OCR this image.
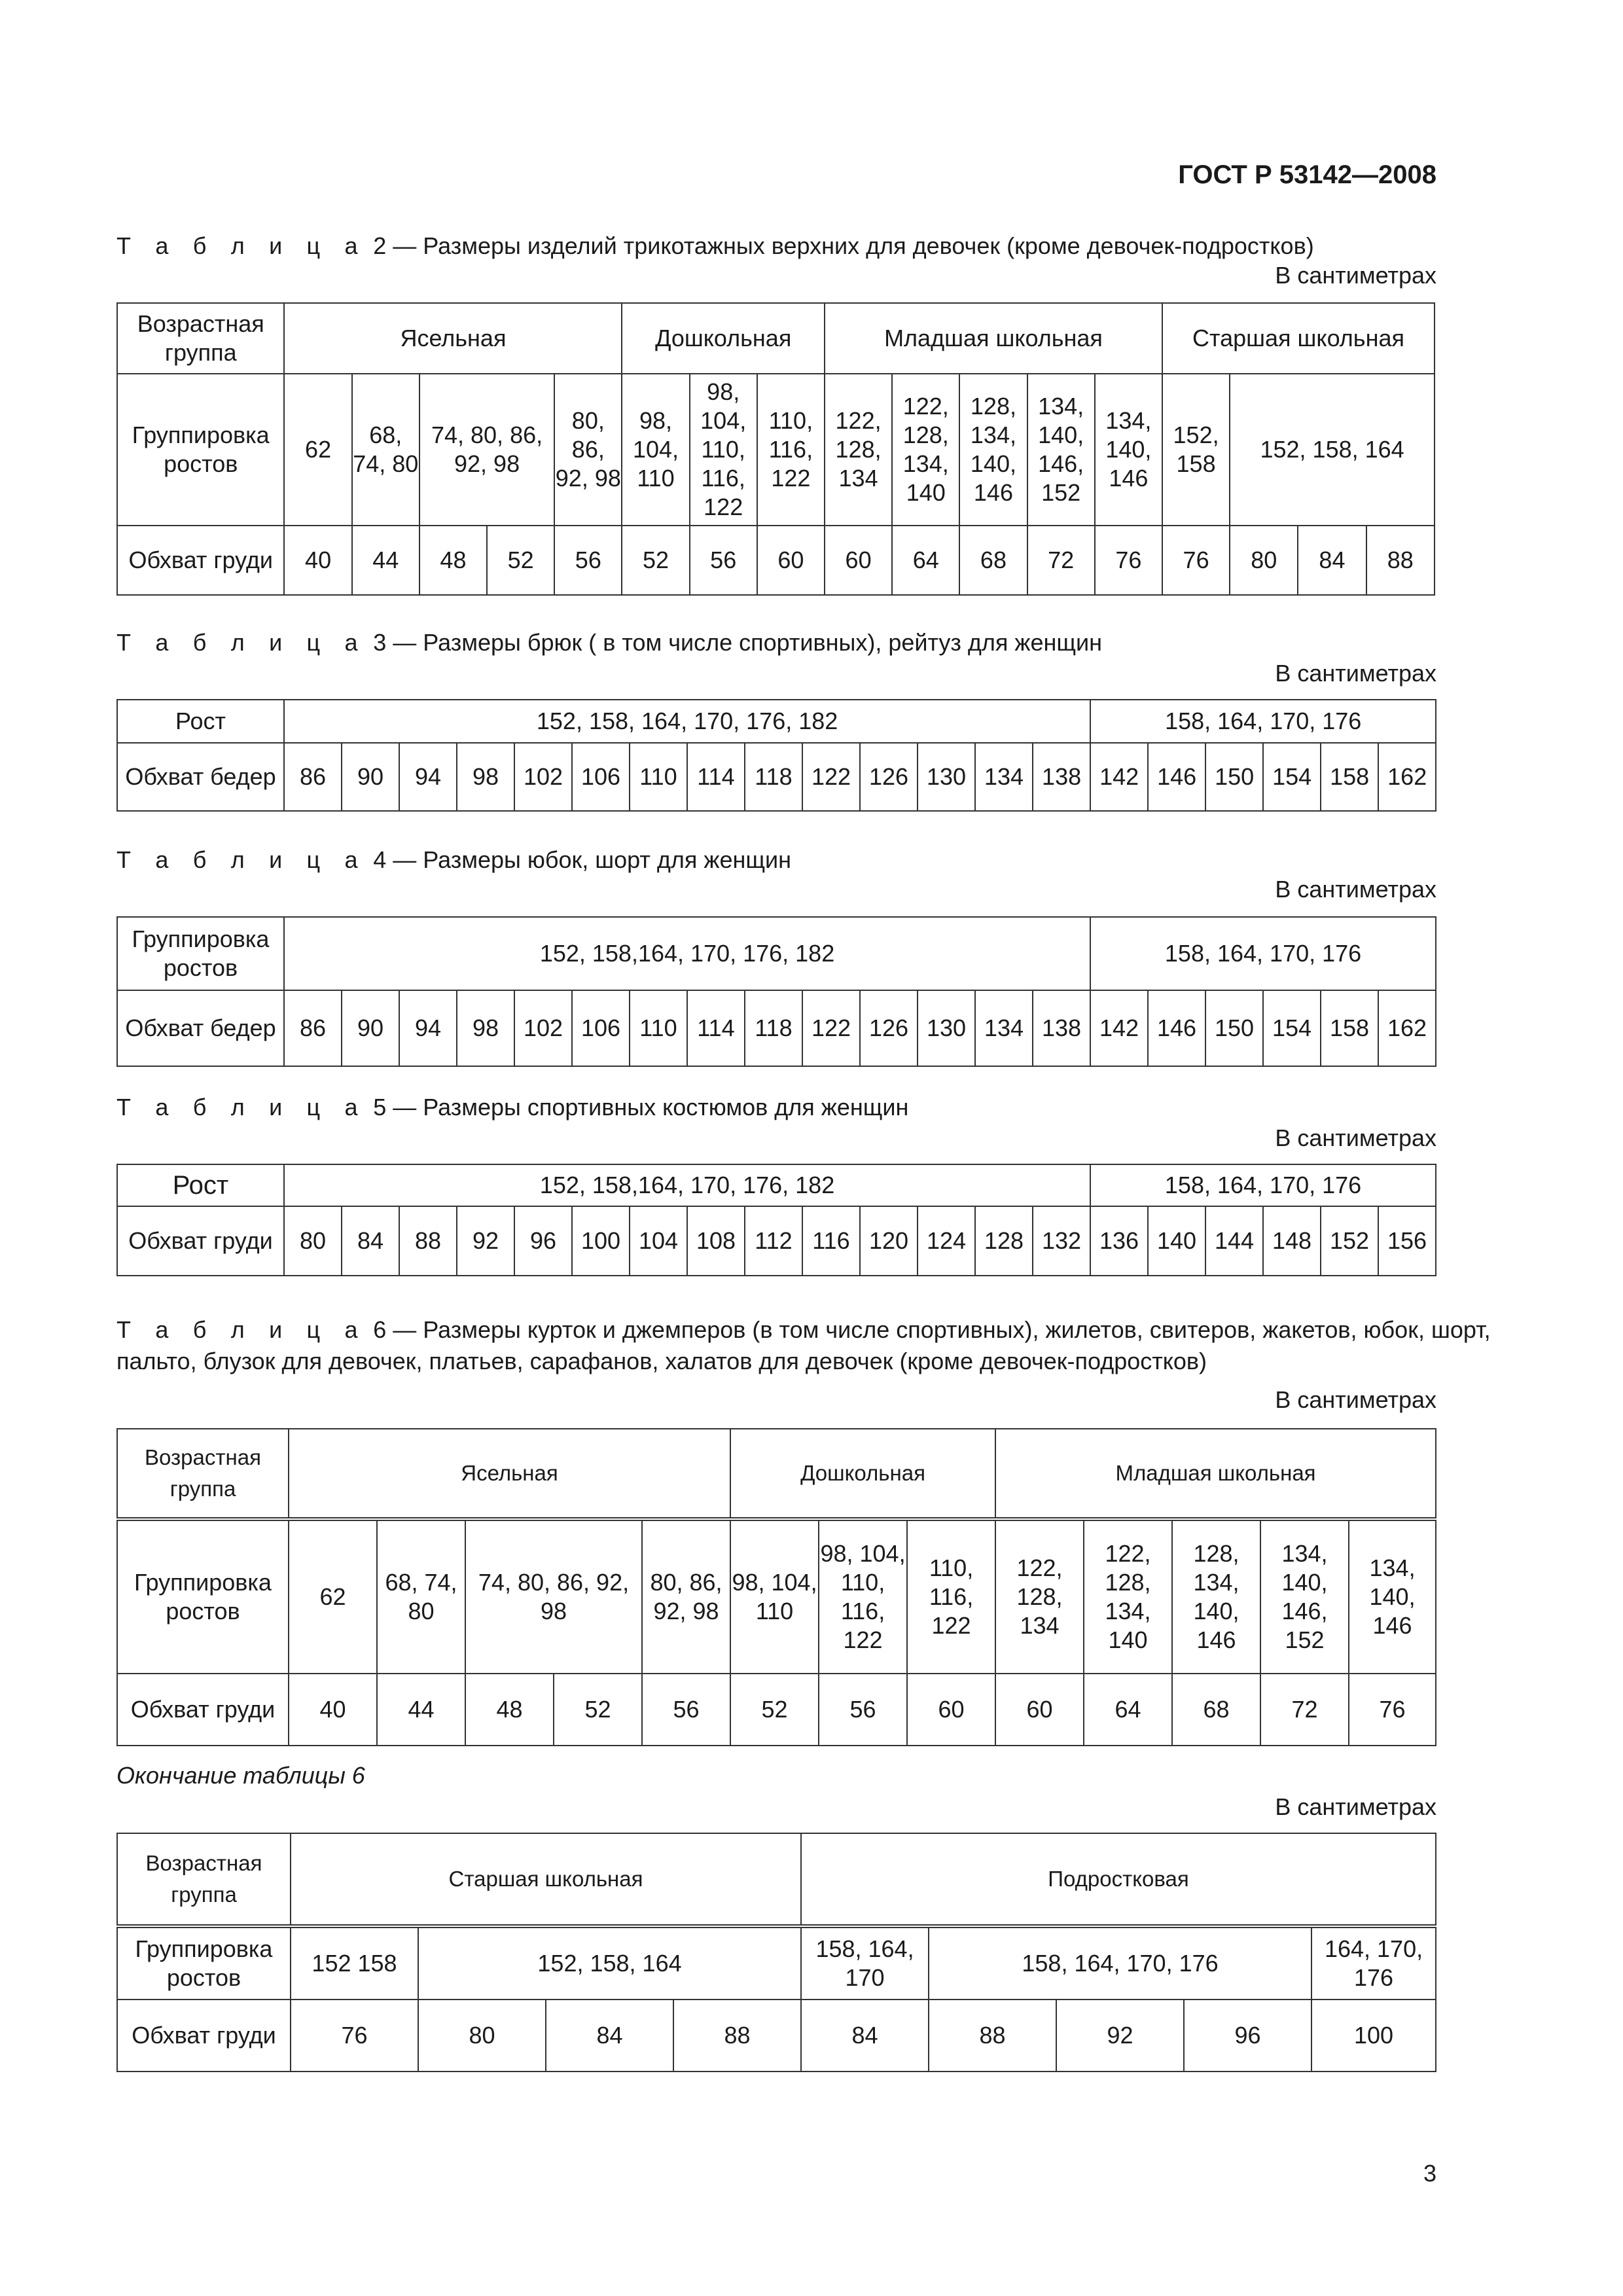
ГОСТ Р 53142—2008
Т а б л и ц а 2 — Размеры изделий трикотажных верхних для девочек (кроме девочек-подростков)
В сантиметрах
Возрастная группа	Ясельная					Дошкольная			Младшая школьная					Старшая школьная			
Группировка ростов	62	68, 74, 80	74, 80, 86, 92, 98		80, 86, 92, 98	98, 104, 110	98, 104, 110, 116, 122	110, 116, 122	122, 128, 134	122, 128, 134, 140	128, 134, 140, 146	134, 140, 146, 152	134, 140, 146	152, 158	152, 158, 164		
Обхват груди	40	44	48	52	56	52	56	60	60	64	68	72	76	76	80	84	88
Т а б л и ц а 3 — Размеры брюк ( в том числе спортивных), рейтуз для женщин
В сантиметрах
Рост	152, 158, 164, 170, 176, 182														158, 164, 170, 176					
Обхват бедер	86	90	94	98	102	106	110	114	118	122	126	130	134	138	142	146	150	154	158	162
Т а б л и ц а 4 — Размеры юбок, шорт для женщин
В сантиметрах
Группировка ростов	152, 158,164, 170, 176, 182														158, 164, 170, 176					
Обхват бедер	86	90	94	98	102	106	110	114	118	122	126	130	134	138	142	146	150	154	158	162
Т а б л и ц а 5 — Размеры спортивных костюмов для женщин
В сантиметрах
Рост	152, 158,164, 170, 176, 182														158, 164, 170, 176					
Обхват груди	80	84	88	92	96	100	104	108	112	116	120	124	128	132	136	140	144	148	152	156
Т а б л и ц а 6 — Размеры курток и джемперов (в том числе спортивных), жилетов, свитеров, жакетов, юбок, шорт,
пальто, блузок для девочек, платьев, сарафанов, халатов для девочек (кроме девочек-подростков)
В сантиметрах
Возрастная группа	Ясельная					Дошкольная			Младшая школьная				
Группировка ростов	62	68, 74, 80	74, 80, 86, 92, 98		80, 86, 92, 98	98, 104, 110	98, 104, 110, 116, 122	110, 116, 122	122, 128, 134	122, 128, 134, 140	128, 134, 140, 146	134, 140, 146, 152	134, 140, 146
Обхват груди	40	44	48	52	56	52	56	60	60	64	68	72	76
Окончание таблицы 6
В сантиметрах
Возрастная группа	Старшая школьная				Подростковая				
Группировка ростов	152 158	152, 158, 164			158, 164, 170	158, 164, 170, 176			164, 170, 176
Обхват груди	76	80	84	88	84	88	92	96	100
3
